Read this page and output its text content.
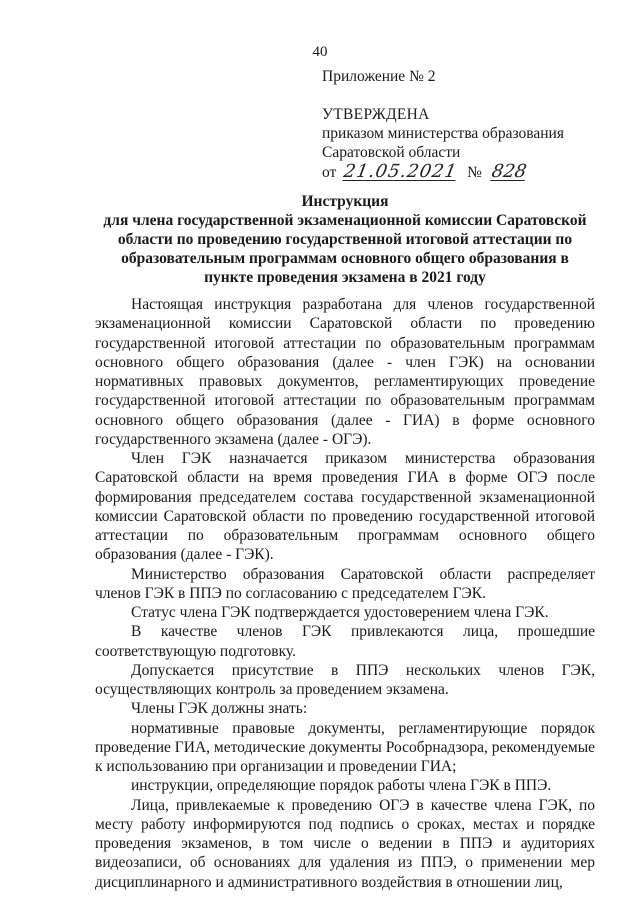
40
Приложение № 2
УТВЕРЖДЕНА
приказом министерства образования
Саратовской области
от 21.05.2021 № 828
Инструкция
для члена государственной экзаменационной комиссии Саратовской области по проведению государственной итоговой аттестации по образовательным программам основного общего образования в пункте проведения экзамена в 2021 году

Настоящая инструкция разработана для членов государственной экзаменационной комиссии Саратовской области по проведению государственной итоговой аттестации по образовательным программам основного общего образования (далее - член ГЭК) на основании нормативных правовых документов, регламентирующих проведение государственной итоговой аттестации по образовательным программам основного общего образования (далее - ГИА) в форме основного государственного экзамена (далее - ОГЭ).

Член ГЭК назначается приказом министерства образования Саратовской области на время проведения ГИА в форме ОГЭ после формирования председателем состава государственной экзаменационной комиссии Саратовской области по проведению государственной итоговой аттестации по образовательным программам основного общего образования (далее - ГЭК).

Министерство образования Саратовской области распределяет членов ГЭК в ППЭ по согласованию с председателем ГЭК.

Статус члена ГЭК подтверждается удостоверением члена ГЭК.

В качестве членов ГЭК привлекаются лица, прошедшие соответствующую подготовку.

Допускается присутствие в ППЭ нескольких членов ГЭК, осуществляющих контроль за проведением экзамена.

Члены ГЭК должны знать:

нормативные правовые документы, регламентирующие порядок проведение ГИА, методические документы Рособрнадзора, рекомендуемые к использованию при организации и проведении ГИА;

инструкции, определяющие порядок работы члена ГЭК в ППЭ.

Лица, привлекаемые к проведению ОГЭ в качестве члена ГЭК, по месту работу информируются под подпись о сроках, местах и порядке проведения экзаменов, в том числе о ведении в ППЭ и аудиториях видеозаписи, об основаниях для удаления из ППЭ, о применении мер дисциплинарного и административного воздействия в отношении лиц,
